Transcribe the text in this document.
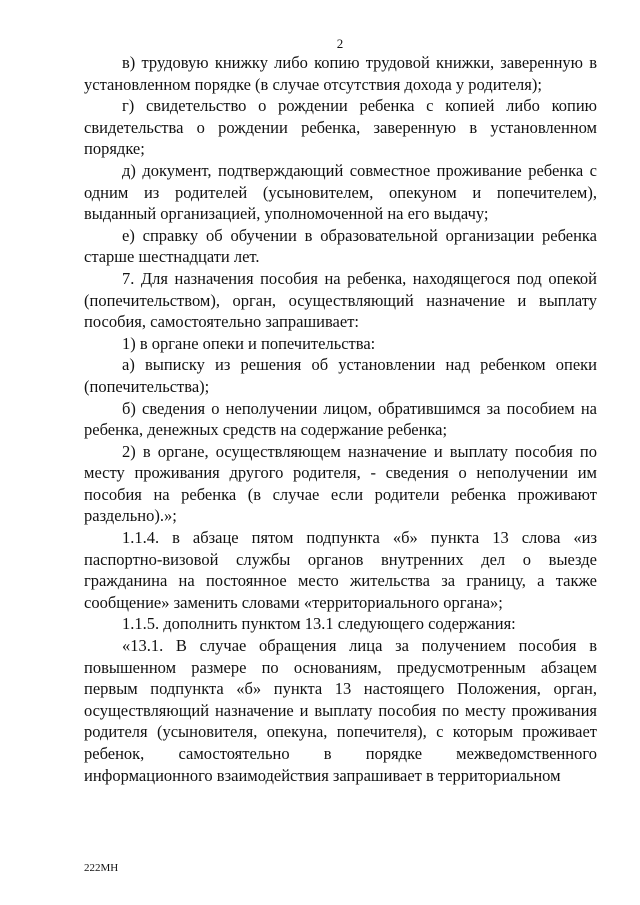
2

в) трудовую книжку либо копию трудовой книжки, заверенную в установленном порядке (в случае отсутствия дохода у родителя);

г) свидетельство о рождении ребенка с копией либо копию свидетельства о рождении ребенка, заверенную в установленном порядке;

д) документ, подтверждающий совместное проживание ребенка с одним из родителей (усыновителем, опекуном и попечителем), выданный организацией, уполномоченной на его выдачу;

е) справку об обучении в образовательной организации ребенка старше шестнадцати лет.

7. Для назначения пособия на ребенка, находящегося под опекой (попечительством), орган, осуществляющий назначение и выплату пособия, самостоятельно запрашивает:

1) в органе опеки и попечительства:

а) выписку из решения об установлении над ребенком опеки (попечительства);

б) сведения о неполучении лицом, обратившимся за пособием на ребенка, денежных средств на содержание ребенка;

2) в органе, осуществляющем назначение и выплату пособия по месту проживания другого родителя, - сведения о неполучении им пособия на ребенка (в случае если родители ребенка проживают раздельно).»;

1.1.4. в абзаце пятом подпункта «б» пункта 13 слова «из паспортно-визовой службы органов внутренних дел о выезде гражданина на постоянное место жительства за границу, а также сообщение» заменить словами «территориального органа»;

1.1.5. дополнить пунктом 13.1 следующего содержания:

«13.1. В случае обращения лица за получением пособия в повышенном размере по основаниям, предусмотренным абзацем первым подпункта «б» пункта 13 настоящего Положения, орган, осуществляющий назначение и выплату пособия по месту проживания родителя (усыновителя, опекуна, попечителя), с которым проживает ребенок, самостоятельно в порядке межведомственного информационного взаимодействия запрашивает в территориальном

222МН
